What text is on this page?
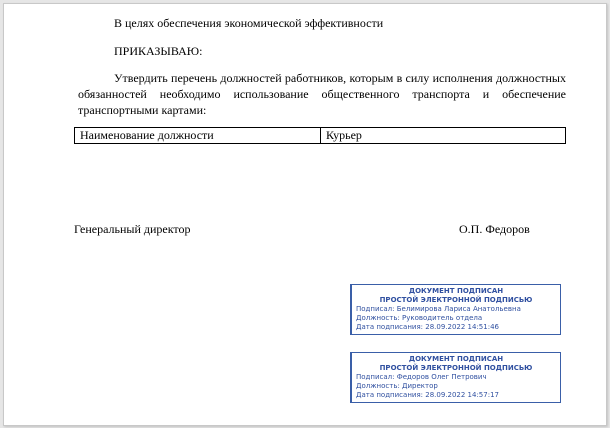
В целях обеспечения экономической эффективности
ПРИКАЗЫВАЮ:
Утвердить перечень должностей работников, которым в силу исполнения должностных
обязанностей необходимо использование общественного транспорта и обеспечение
транспортными картами:
Наименование должности	Курьер
Генеральный директор	О.П. Федоров
ДОКУМЕНТ ПОДПИСАН
ПРОСТОЙ ЭЛЕКТРОННОЙ ПОДПИСЬЮ
Подписал: Белимирова Лариса Анатольевна
Должность: Руководитель отдела
Дата подписания: 28.09.2022 14:51:46
ДОКУМЕНТ ПОДПИСАН
ПРОСТОЙ ЭЛЕКТРОННОЙ ПОДПИСЬЮ
Подписал: Федоров Олег Петрович
Должность: Директор
Дата подписания: 28.09.2022 14:57:17
